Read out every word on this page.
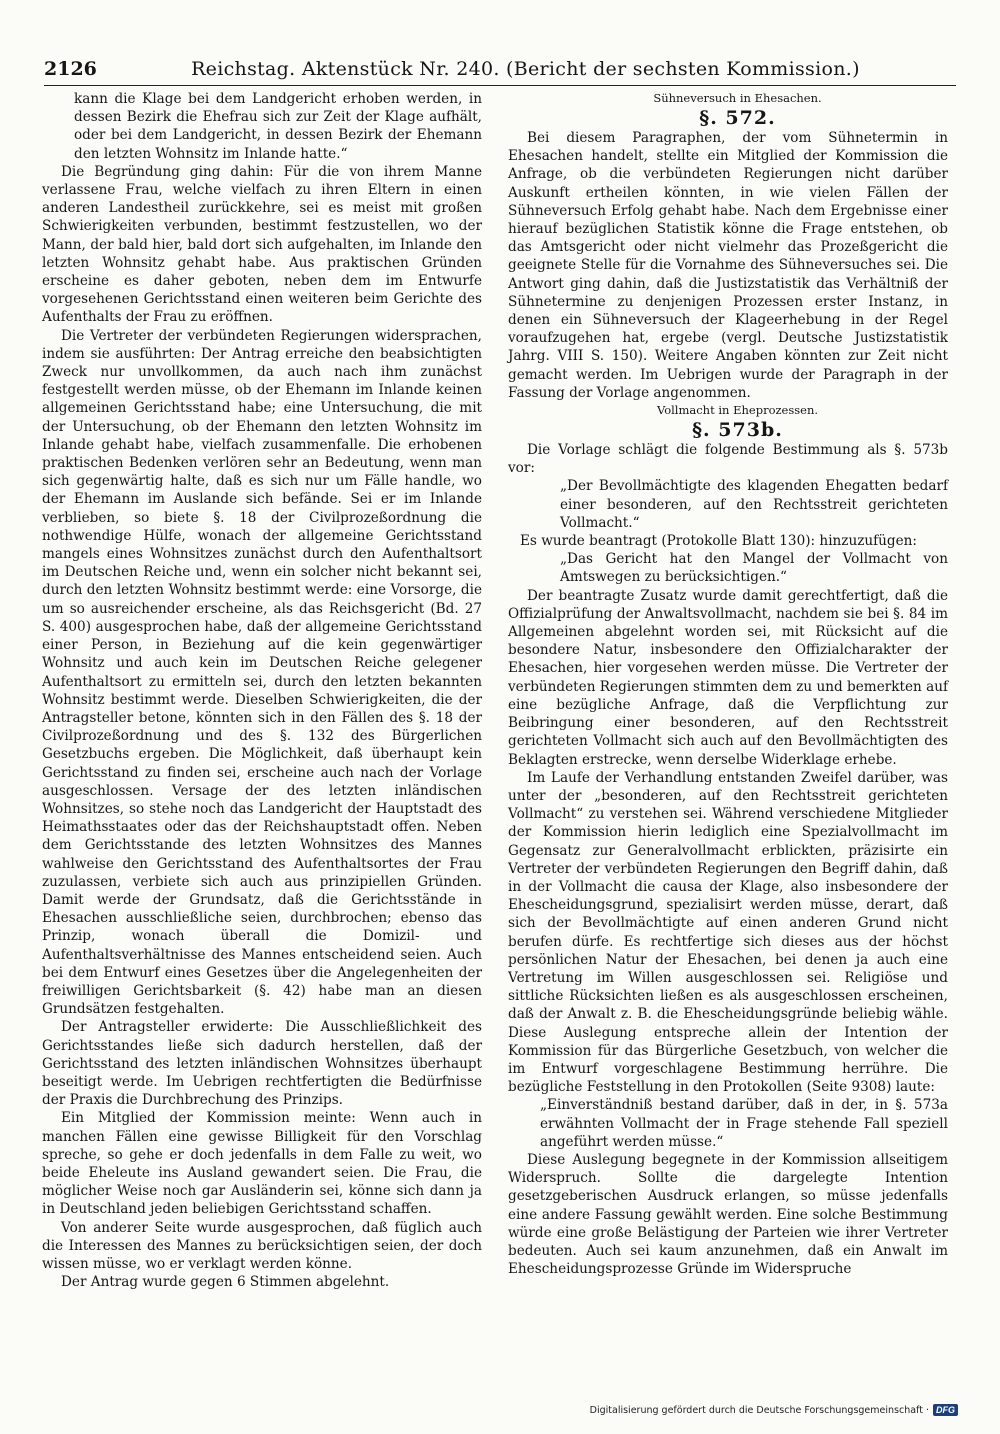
2126	Reichstag. Aktenstück Nr. 240. (Bericht der sechsten Kommission.)

kann die Klage bei dem Landgericht erhoben werden, in dessen Bezirk die Ehefrau sich zur Zeit der Klage aufhält, oder bei dem Landgericht, in dessen Bezirk der Ehemann den letzten Wohnsitz im Inlande hatte.“

Die Begründung ging dahin: Für die von ihrem Manne verlassene Frau, welche vielfach zu ihren Eltern in einen anderen Landestheil zurückkehre, sei es meist mit großen Schwierigkeiten verbunden, bestimmt festzustellen, wo der Mann, der bald hier, bald dort sich aufgehalten, im Inlande den letzten Wohnsitz gehabt habe. Aus praktischen Gründen erscheine es daher geboten, neben dem im Entwurfe vorgesehenen Gerichtsstand einen weiteren beim Gerichte des Aufenthalts der Frau zu eröffnen.

Die Vertreter der verbündeten Regierungen widersprachen, indem sie ausführten: Der Antrag erreiche den beabsichtigten Zweck nur unvollkommen, da auch nach ihm zunächst festgestellt werden müsse, ob der Ehemann im Inlande keinen allgemeinen Gerichtsstand habe; eine Untersuchung, die mit der Untersuchung, ob der Ehemann den letzten Wohnsitz im Inlande gehabt habe, vielfach zusammenfalle. Die erhobenen praktischen Bedenken verlören sehr an Bedeutung, wenn man sich gegenwärtig halte, daß es sich nur um Fälle handle, wo der Ehemann im Auslande sich befände. Sei er im Inlande verblieben, so biete §. 18 der Civilprozeßordnung die nothwendige Hülfe, wonach der allgemeine Gerichtsstand mangels eines Wohnsitzes zunächst durch den Aufenthaltsort im Deutschen Reiche und, wenn ein solcher nicht bekannt sei, durch den letzten Wohnsitz bestimmt werde: eine Vorsorge, die um so ausreichender erscheine, als das Reichsgericht (Bd. 27 S. 400) ausgesprochen habe, daß der allgemeine Gerichtsstand einer Person, in Beziehung auf die kein gegenwärtiger Wohnsitz und auch kein im Deutschen Reiche gelegener Aufenthaltsort zu ermitteln sei, durch den letzten bekannten Wohnsitz bestimmt werde. Dieselben Schwierigkeiten, die der Antragsteller betone, könnten sich in den Fällen des §. 18 der Civilprozeßordnung und des §. 132 des Bürgerlichen Gesetzbuchs ergeben. Die Möglichkeit, daß überhaupt kein Gerichtsstand zu finden sei, erscheine auch nach der Vorlage ausgeschlossen. Versage der des letzten inländischen Wohnsitzes, so stehe noch das Landgericht der Hauptstadt des Heimathsstaates oder das der Reichshauptstadt offen. Neben dem Gerichtsstande des letzten Wohnsitzes des Mannes wahlweise den Gerichtsstand des Aufenthaltsortes der Frau zuzulassen, verbiete sich auch aus prinzipiellen Gründen. Damit werde der Grundsatz, daß die Gerichtsstände in Ehesachen ausschließliche seien, durchbrochen; ebenso das Prinzip, wonach überall die Domizil- und Aufenthaltsverhältnisse des Mannes entscheidend seien. Auch bei dem Entwurf eines Gesetzes über die Angelegenheiten der freiwilligen Gerichtsbarkeit (§. 42) habe man an diesen Grundsätzen festgehalten.

Der Antragsteller erwiderte: Die Ausschließlichkeit des Gerichtsstandes ließe sich dadurch herstellen, daß der Gerichtsstand des letzten inländischen Wohnsitzes überhaupt beseitigt werde. Im Uebrigen rechtfertigten die Bedürfnisse der Praxis die Durchbrechung des Prinzips.

Ein Mitglied der Kommission meinte: Wenn auch in manchen Fällen eine gewisse Billigkeit für den Vorschlag spreche, so gehe er doch jedenfalls in dem Falle zu weit, wo beide Eheleute ins Ausland gewandert seien. Die Frau, die möglicher Weise noch gar Ausländerin sei, könne sich dann ja in Deutschland jeden beliebigen Gerichtsstand schaffen.

Von anderer Seite wurde ausgesprochen, daß füglich auch die Interessen des Mannes zu berücksichtigen seien, der doch wissen müsse, wo er verklagt werden könne.

Der Antrag wurde gegen 6 Stimmen abgelehnt.

Sühneversuch in Ehesachen.

§. 572.

Bei diesem Paragraphen, der vom Sühnetermin in Ehesachen handelt, stellte ein Mitglied der Kommission die Anfrage, ob die verbündeten Regierungen nicht darüber Auskunft ertheilen könnten, in wie vielen Fällen der Sühneversuch Erfolg gehabt habe. Nach dem Ergebnisse einer hierauf bezüglichen Statistik könne die Frage entstehen, ob das Amtsgericht oder nicht vielmehr das Prozeßgericht die geeignete Stelle für die Vornahme des Sühneversuches sei. Die Antwort ging dahin, daß die Justizstatistik das Verhältniß der Sühnetermine zu denjenigen Prozessen erster Instanz, in denen ein Sühneversuch der Klageerhebung in der Regel voraufzugehen hat, ergebe (vergl. Deutsche Justizstatistik Jahrg. VIII S. 150). Weitere Angaben könnten zur Zeit nicht gemacht werden. Im Uebrigen wurde der Paragraph in der Fassung der Vorlage angenommen.

Vollmacht in Eheprozessen.

§. 573b.

Die Vorlage schlägt die folgende Bestimmung als §. 573b vor:

„Der Bevollmächtigte des klagenden Ehegatten bedarf einer besonderen, auf den Rechtsstreit gerichteten Vollmacht.“

Es wurde beantragt (Protokolle Blatt 130): hinzuzufügen:

„Das Gericht hat den Mangel der Vollmacht von Amtswegen zu berücksichtigen.“

Der beantragte Zusatz wurde damit gerechtfertigt, daß die Offizialprüfung der Anwaltsvollmacht, nachdem sie bei §. 84 im Allgemeinen abgelehnt worden sei, mit Rücksicht auf die besondere Natur, insbesondere den Offizialcharakter der Ehesachen, hier vorgesehen werden müsse. Die Vertreter der verbündeten Regierungen stimmten dem zu und bemerkten auf eine bezügliche Anfrage, daß die Verpflichtung zur Beibringung einer besonderen, auf den Rechtsstreit gerichteten Vollmacht sich auch auf den Bevollmächtigten des Beklagten erstrecke, wenn derselbe Widerklage erhebe.

Im Laufe der Verhandlung entstanden Zweifel darüber, was unter der „besonderen, auf den Rechtsstreit gerichteten Vollmacht“ zu verstehen sei. Während verschiedene Mitglieder der Kommission hierin lediglich eine Spezialvollmacht im Gegensatz zur Generalvollmacht erblickten, präzisirte ein Vertreter der verbündeten Regierungen den Begriff dahin, daß in der Vollmacht die causa der Klage, also insbesondere der Ehescheidungsgrund, spezialisirt werden müsse, derart, daß sich der Bevollmächtigte auf einen anderen Grund nicht berufen dürfe. Es rechtfertige sich dieses aus der höchst persönlichen Natur der Ehesachen, bei denen ja auch eine Vertretung im Willen ausgeschlossen sei. Religiöse und sittliche Rücksichten ließen es als ausgeschlossen erscheinen, daß der Anwalt z. B. die Ehescheidungsgründe beliebig wähle. Diese Auslegung entspreche allein der Intention der Kommission für das Bürgerliche Gesetzbuch, von welcher die im Entwurf vorgeschlagene Bestimmung herrühre. Die bezügliche Feststellung in den Protokollen (Seite 9308) laute:

„Einverständniß bestand darüber, daß in der, in §. 573a erwähnten Vollmacht der in Frage stehende Fall speziell angeführt werden müsse.“

Diese Auslegung begegnete in der Kommission allseitigem Widerspruch. Sollte die dargelegte Intention gesetzgeberischen Ausdruck erlangen, so müsse jedenfalls eine andere Fassung gewählt werden. Eine solche Bestimmung würde eine große Belästigung der Parteien wie ihrer Vertreter bedeuten. Auch sei kaum anzunehmen, daß ein Anwalt im Ehescheidungsprozesse Gründe im Widerspruche

Digitalisierung gefördert durch die Deutsche Forschungsgemeinschaft · DFG
